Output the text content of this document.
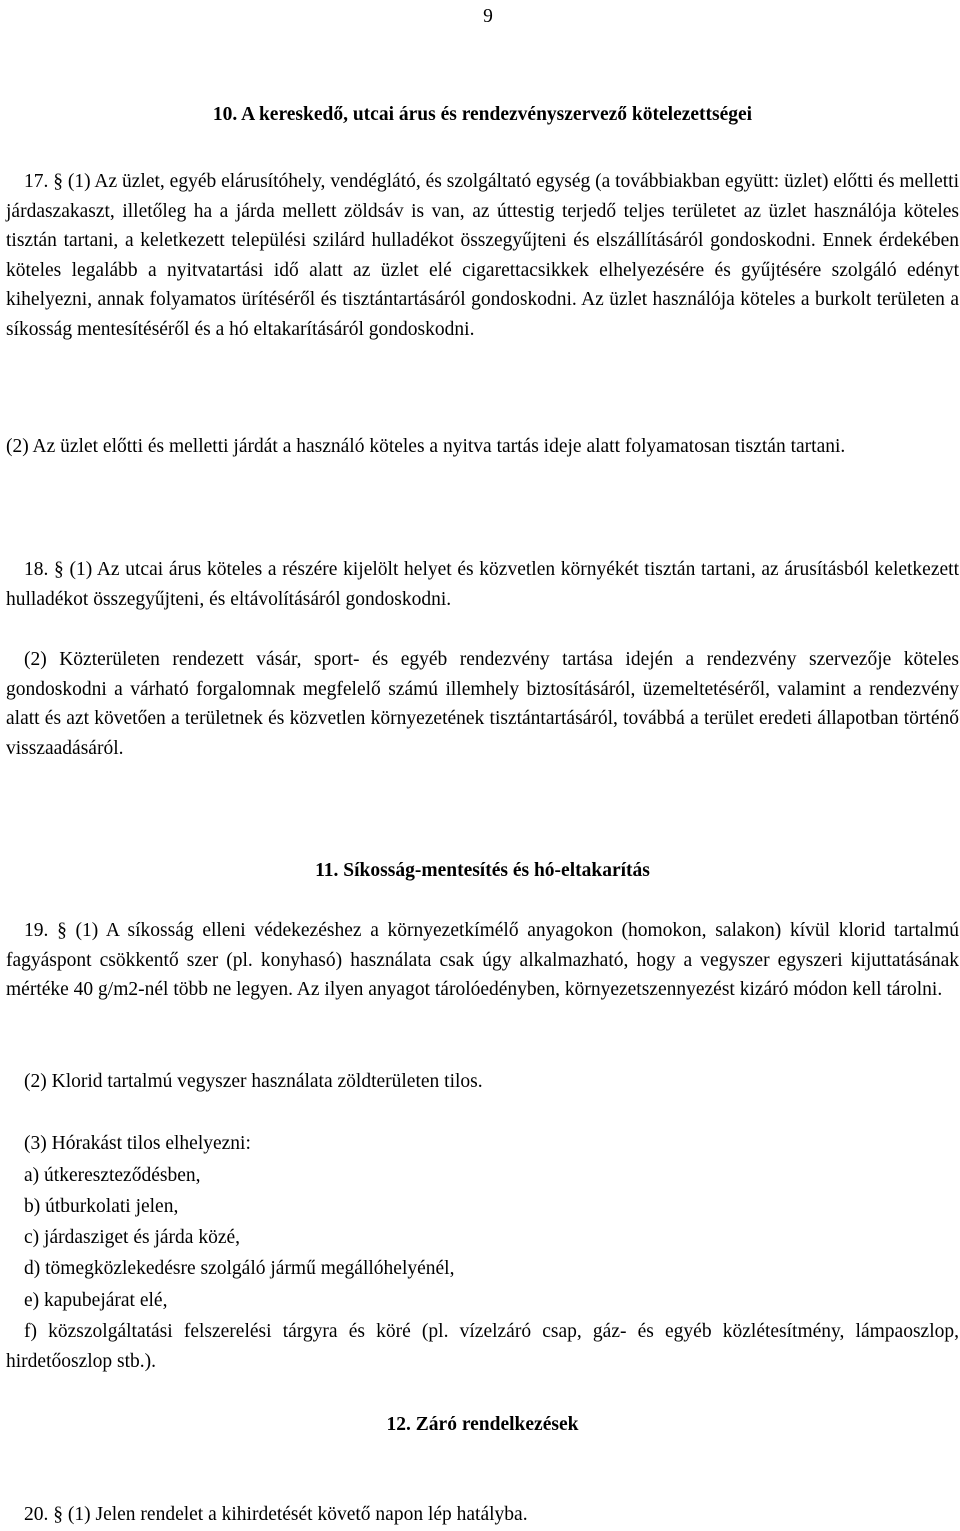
9
10. A kereskedő, utcai árus és rendezvényszervező kötelezettségei

17. § (1) Az üzlet, egyéb elárusítóhely, vendéglátó, és szolgáltató egység (a továbbiakban együtt: üzlet) előtti és melletti járdaszakaszt, illetőleg ha a járda mellett zöldsáv is van, az úttestig terjedő teljes területet az üzlet használója köteles tisztán tartani, a keletkezett települési szilárd hulladékot összegyűjteni és elszállításáról gondoskodni. Ennek érdekében köteles legalább a nyitvatartási idő alatt az üzlet elé cigarettacsikkek elhelyezésére és gyűjtésére szolgáló edényt kihelyezni, annak folyamatos ürítéséről és tisztántartásáról gondoskodni. Az üzlet használója köteles a burkolt területen a síkosság mentesítéséről és a hó eltakarításáról gondoskodni.

(2) Az üzlet előtti és melletti járdát a használó köteles a nyitva tartás ideje alatt folyamatosan tisztán tartani.

18. § (1) Az utcai árus köteles a részére kijelölt helyet és közvetlen környékét tisztán tartani, az árusításból keletkezett hulladékot összegyűjteni, és eltávolításáról gondoskodni.

(2) Közterületen rendezett vásár, sport- és egyéb rendezvény tartása idején a rendezvény szervezője köteles gondoskodni a várható forgalomnak megfelelő számú illemhely biztosításáról, üzemeltetéséről, valamint a rendezvény alatt és azt követően a területnek és közvetlen környezetének tisztántartásáról, továbbá a terület eredeti állapotban történő visszaadásáról.

11. Síkosság-mentesítés és hó-eltakarítás

19. § (1) A síkosság elleni védekezéshez a környezetkímélő anyagokon (homokon, salakon) kívül klorid tartalmú fagyáspont csökkentő szer (pl. konyhasó) használata csak úgy alkalmazható, hogy a vegyszer egyszeri kijuttatásának mértéke 40 g/m2-nél több ne legyen. Az ilyen anyagot tárolóedényben, környezetszennyezést kizáró módon kell tárolni.

(2) Klorid tartalmú vegyszer használata zöldterületen tilos.

(3) Hórakást tilos elhelyezni:

a) útkereszteződésben,

b) útburkolati jelen,

c) járdasziget és járda közé,

d) tömegközlekedésre szolgáló jármű megállóhelyénél,

e) kapubejárat elé,

f) közszolgáltatási felszerelési tárgyra és köré (pl. vízelzáró csap, gáz- és egyéb közlétesítmény, lámpaoszlop, hirdetőoszlop stb.).

12. Záró rendelkezések

20. § (1) Jelen rendelet a kihirdetését követő napon lép hatályba.
